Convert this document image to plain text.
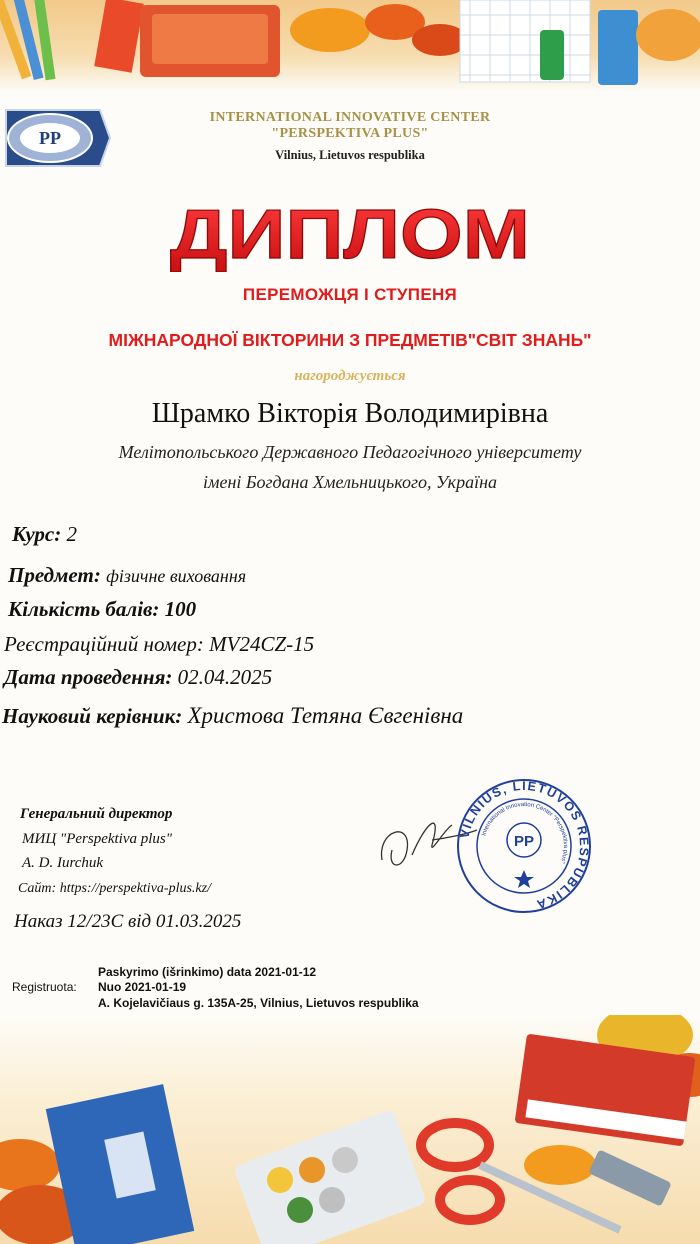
PP
INTERNATIONAL INNOVATIVE CENTER
"PERSPEKTIVA PLUS"
Vilnius, Lietuvos respublika
ДИПЛОМ
ПЕРЕМОЖЦЯ І СТУПЕНЯ
МІЖНАРОДНОЇ ВІКТОРИНИ З ПРЕДМЕТІВ"СВІТ ЗНАНЬ"
нагороджується
Шрамко Вікторія Володимирівна
Мелітопольського Державного Педагогічного університету
імені Богдана Хмельницького, Україна
Курс: 2
Предмет: фізичне виховання
Кількість балів: 100
Реєстраційний номер: MV24CZ-15
Дата проведення: 02.04.2025
Науковий керівник: Христова Тетяна Євгенівна
Генеральний директор
МИЦ "Perspektiva plus"
A. D. Iurchuk
Сайт: https://perspektiva-plus.kz/
Наказ 12/23С від 01.03.2025
VILNIUS, LIETUVOS RESPUBLIKA
International Innovation Center "Perspektiva plus"
PP
Registruota:
Paskyrimo (išrinkimo) data 2021-01-12
Nuo 2021-01-19
A. Kojelavičiaus g. 135A-25, Vilnius, Lietuvos respublika
